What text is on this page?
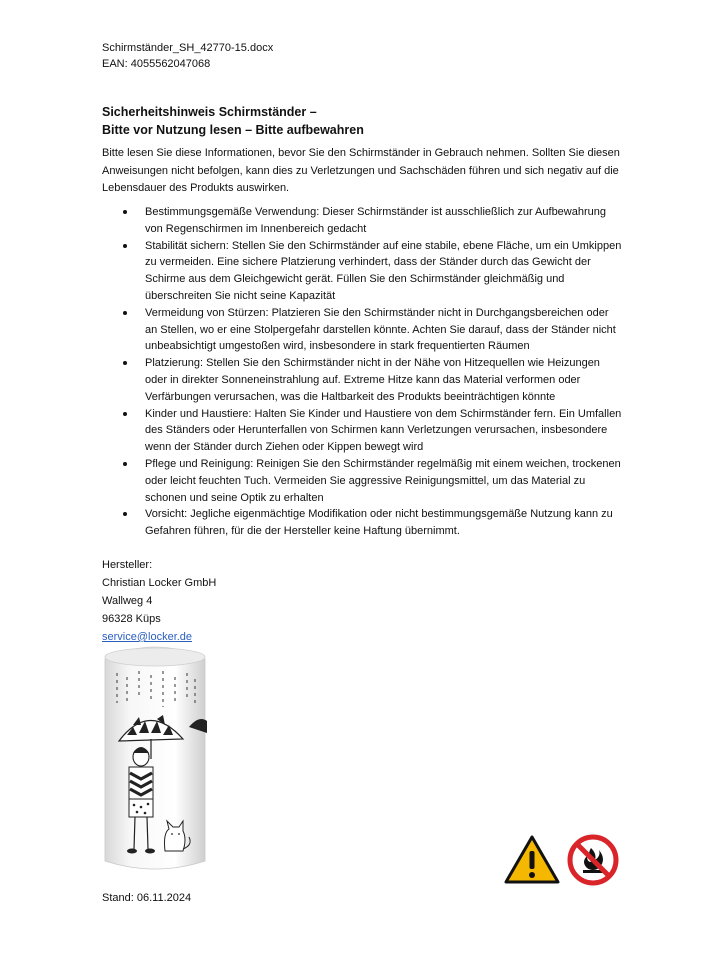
Schirmständer_SH_42770-15.docx
EAN: 4055562047068
Sicherheitshinweis Schirmständer –
Bitte vor Nutzung lesen – Bitte aufbewahren

Bitte lesen Sie diese Informationen, bevor Sie den Schirmständer in Gebrauch nehmen. Sollten Sie diesen Anweisungen nicht befolgen, kann dies zu Verletzungen und Sachschäden führen und sich negativ auf die Lebensdauer des Produkts auswirken.

Bestimmungsgemäße Verwendung: Dieser Schirmständer ist ausschließlich zur Aufbewahrung von Regenschirmen im Innenbereich gedacht
Stabilität sichern: Stellen Sie den Schirmständer auf eine stabile, ebene Fläche, um ein Umkippen zu vermeiden. Eine sichere Platzierung verhindert, dass der Ständer durch das Gewicht der Schirme aus dem Gleichgewicht gerät. Füllen Sie den Schirmständer gleichmäßig und überschreiten Sie nicht seine Kapazität
Vermeidung von Stürzen: Platzieren Sie den Schirmständer nicht in Durchgangsbereichen oder an Stellen, wo er eine Stolpergefahr darstellen könnte. Achten Sie darauf, dass der Ständer nicht unbeabsichtigt umgestoßen wird, insbesondere in stark frequentierten Räumen
Platzierung: Stellen Sie den Schirmständer nicht in der Nähe von Hitzequellen wie Heizungen oder in direkter Sonneneinstrahlung auf. Extreme Hitze kann das Material verformen oder Verfärbungen verursachen, was die Haltbarkeit des Produkts beeinträchtigen könnte
Kinder und Haustiere: Halten Sie Kinder und Haustiere von dem Schirmständer fern. Ein Umfallen des Ständers oder Herunterfallen von Schirmen kann Verletzungen verursachen, insbesondere wenn der Ständer durch Ziehen oder Kippen bewegt wird
Pflege und Reinigung: Reinigen Sie den Schirmständer regelmäßig mit einem weichen, trockenen oder leicht feuchten Tuch. Vermeiden Sie aggressive Reinigungsmittel, um das Material zu schonen und seine Optik zu erhalten
Vorsicht: Jegliche eigenmächtige Modifikation oder nicht bestimmungsgemäße Nutzung kann zu Gefahren führen, für die der Hersteller keine Haftung übernimmt.
Hersteller:
Christian Locker GmbH
Wallweg 4
96328 Küps
service@locker.de
Stand: 06.11.2024
